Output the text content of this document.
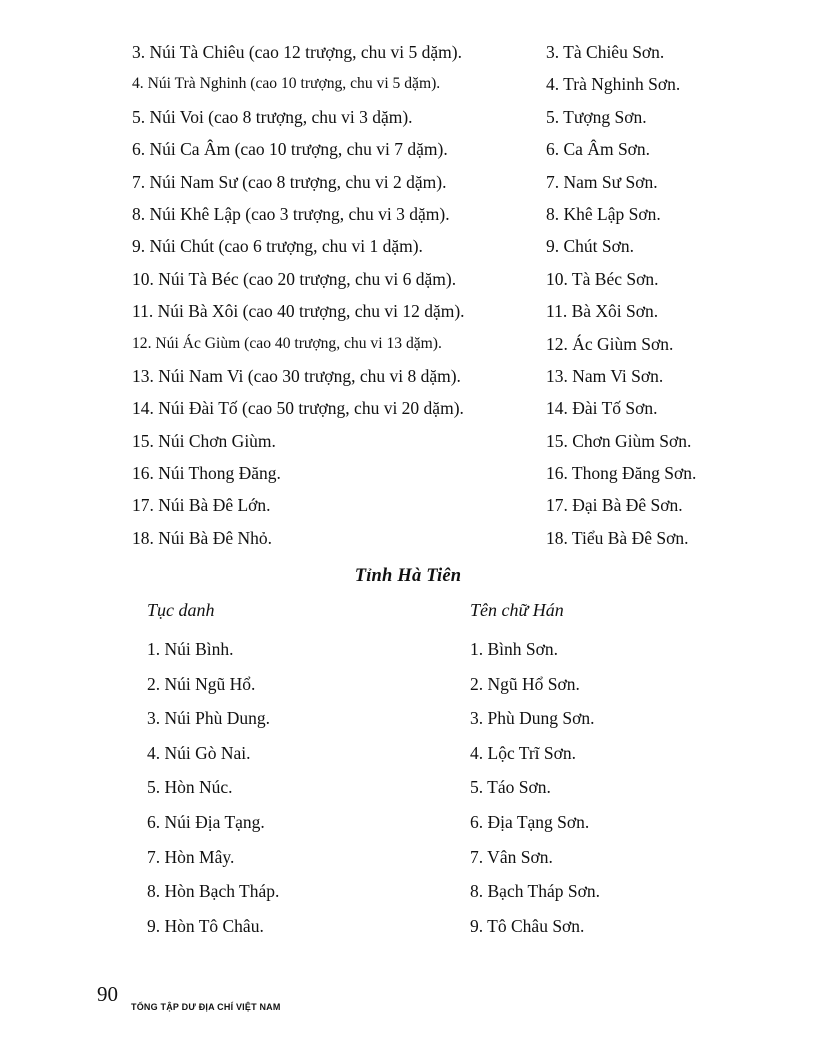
3. Núi Tà Chiêu (cao 12 trượng, chu vi 5 dặm).
4. Núi Trà Nghinh (cao 10 trượng, chu vi 5 dặm).
5. Núi Voi (cao 8 trượng, chu vi 3 dặm).
6. Núi Ca Âm (cao 10 trượng, chu vi 7 dặm).
7. Núi Nam Sư (cao 8 trượng, chu vi 2 dặm).
8. Núi Khê Lập (cao 3 trượng, chu vi 3 dặm).
9. Núi Chút (cao 6 trượng, chu vi 1 dặm).
10. Núi Tà Béc (cao 20 trượng, chu vi 6 dặm).
11. Núi Bà Xôi (cao 40 trượng, chu vi 12 dặm).
12. Núi Ác Giùm (cao 40 trượng, chu vi 13 dặm).
13. Núi Nam Vi (cao 30 trượng, chu vi 8 dặm).
14. Núi Đài Tố (cao 50 trượng, chu vi 20 dặm).
15. Núi Chơn Giùm.
16. Núi Thong Đăng.
17. Núi Bà Đê Lớn.
18. Núi Bà Đê Nhỏ.
3. Tà Chiêu Sơn.
4. Trà Nghinh Sơn.
5. Tượng Sơn.
6. Ca Âm Sơn.
7. Nam Sư Sơn.
8. Khê Lập Sơn.
9. Chút Sơn.
10. Tà Béc Sơn.
11. Bà Xôi Sơn.
12. Ác Giùm Sơn.
13. Nam Vi Sơn.
14. Đài Tố Sơn.
15. Chơn Giùm Sơn.
16. Thong Đăng Sơn.
17. Đại Bà Đê Sơn.
18. Tiểu Bà Đê Sơn.
Tỉnh Hà Tiên
Tục danh	Tên chữ Hán
1. Núi Bình.
2. Núi Ngũ Hổ.
3. Núi Phù Dung.
4. Núi Gò Nai.
5. Hòn Núc.
6. Núi Địa Tạng.
7. Hòn Mây.
8. Hòn Bạch Tháp.
9. Hòn Tô Châu.
1. Bình Sơn.
2. Ngũ Hổ Sơn.
3. Phù Dung Sơn.
4. Lộc Trĩ Sơn.
5. Táo Sơn.
6. Địa Tạng Sơn.
7. Vân Sơn.
8. Bạch Tháp Sơn.
9. Tô Châu Sơn.
90
TỔNG TẬP DƯ ĐỊA CHÍ VIỆT NAM
